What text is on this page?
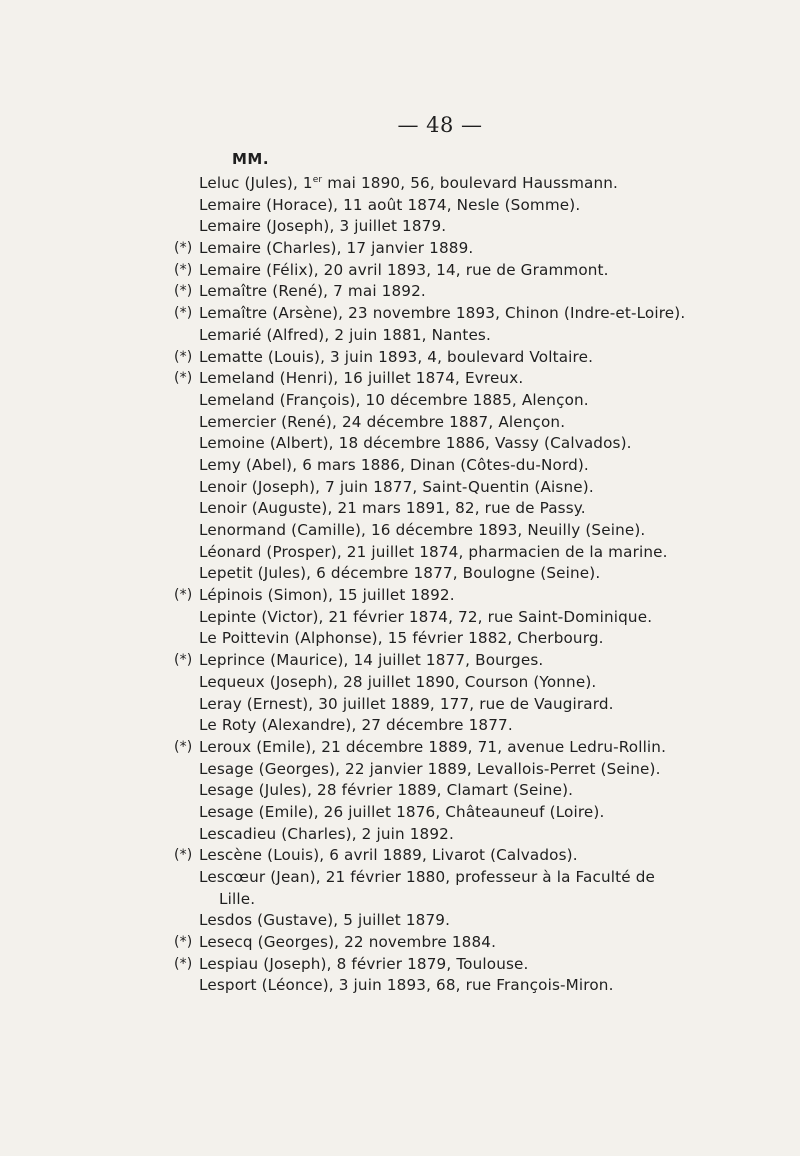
— 48 —
MM.
Leluc (Jules), 1er mai 1890, 56, boulevard Haussmann.
Lemaire (Horace), 11 août 1874, Nesle (Somme).
Lemaire (Joseph), 3 juillet 1879.
(*) Lemaire (Charles), 17 janvier 1889.
(*) Lemaire (Félix), 20 avril 1893, 14, rue de Grammont.
(*) Lemaître (René), 7 mai 1892.
(*) Lemaître (Arsène), 23 novembre 1893, Chinon (Indre-et-Loire).
Lemarié (Alfred), 2 juin 1881, Nantes.
(*) Lematte (Louis), 3 juin 1893, 4, boulevard Voltaire.
(*) Lemeland (Henri), 16 juillet 1874, Evreux.
Lemeland (François), 10 décembre 1885, Alençon.
Lemercier (René), 24 décembre 1887, Alençon.
Lemoine (Albert), 18 décembre 1886, Vassy (Calvados).
Lemy (Abel), 6 mars 1886, Dinan (Côtes-du-Nord).
Lenoir (Joseph), 7 juin 1877, Saint-Quentin (Aisne).
Lenoir (Auguste), 21 mars 1891, 82, rue de Passy.
Lenormand (Camille), 16 décembre 1893, Neuilly (Seine).
Léonard (Prosper), 21 juillet 1874, pharmacien de la marine.
Lepetit (Jules), 6 décembre 1877, Boulogne (Seine).
(*) Lépinois (Simon), 15 juillet 1892.
Lepinte (Victor), 21 février 1874, 72, rue Saint-Dominique.
Le Poittevin (Alphonse), 15 février 1882, Cherbourg.
(*) Leprince (Maurice), 14 juillet 1877, Bourges.
Lequeux (Joseph), 28 juillet 1890, Courson (Yonne).
Leray (Ernest), 30 juillet 1889, 177, rue de Vaugirard.
Le Roty (Alexandre), 27 décembre 1877.
(*) Leroux (Emile), 21 décembre 1889, 71, avenue Ledru-Rollin.
Lesage (Georges), 22 janvier 1889, Levallois-Perret (Seine).
Lesage (Jules), 28 février 1889, Clamart (Seine).
Lesage (Emile), 26 juillet 1876, Châteauneuf (Loire).
Lescadieu (Charles), 2 juin 1892.
(*) Lescène (Louis), 6 avril 1889, Livarot (Calvados).
Lescœur (Jean), 21 février 1880, professeur à la Faculté de
Lille.
Lesdos (Gustave), 5 juillet 1879.
(*) Lesecq (Georges), 22 novembre 1884.
(*) Lespiau (Joseph), 8 février 1879, Toulouse.
Lesport (Léonce), 3 juin 1893, 68, rue François-Miron.
